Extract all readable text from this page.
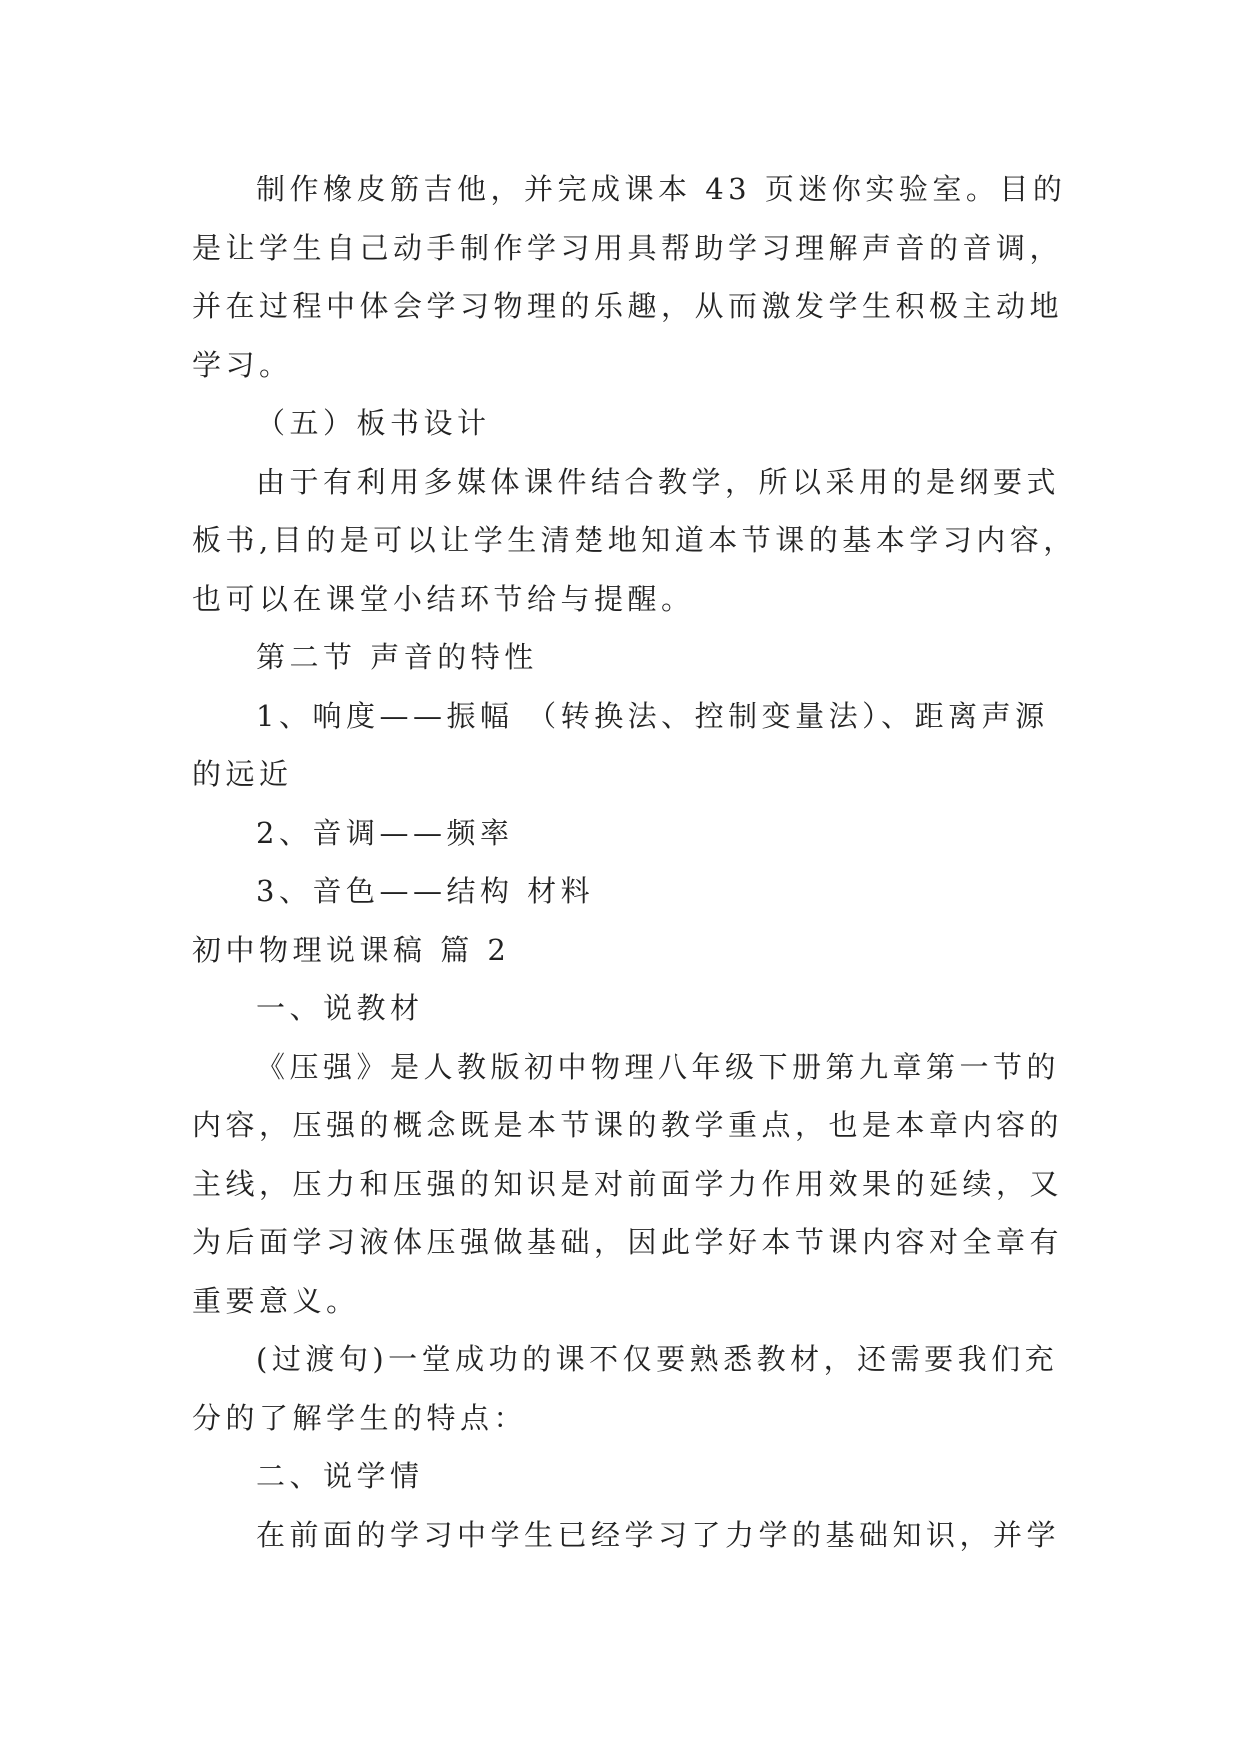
制作橡皮筋吉他，并完成课本 43 页迷你实验室。目的
是让学生自己动手制作学习用具帮助学习理解声音的音调，
并在过程中体会学习物理的乐趣，从而激发学生积极主动地
学习。
（五）板书设计
由于有利用多媒体课件结合教学，所以采用的是纲要式
板书,目的是可以让学生清楚地知道本节课的基本学习内容，
也可以在课堂小结环节给与提醒。
第二节 声音的特性
1、响度——振幅 （转换法、控制变量法）、距离声源
的远近
2、音调——频率
3、音色——结构 材料
初中物理说课稿 篇 2
一、说教材
《压强》是人教版初中物理八年级下册第九章第一节的
内容，压强的概念既是本节课的教学重点，也是本章内容的
主线，压力和压强的知识是对前面学力作用效果的延续，又
为后面学习液体压强做基础，因此学好本节课内容对全章有
重要意义。
(过渡句)一堂成功的课不仅要熟悉教材，还需要我们充
分的了解学生的特点：
二、说学情
在前面的学习中学生已经学习了力学的基础知识，并学
